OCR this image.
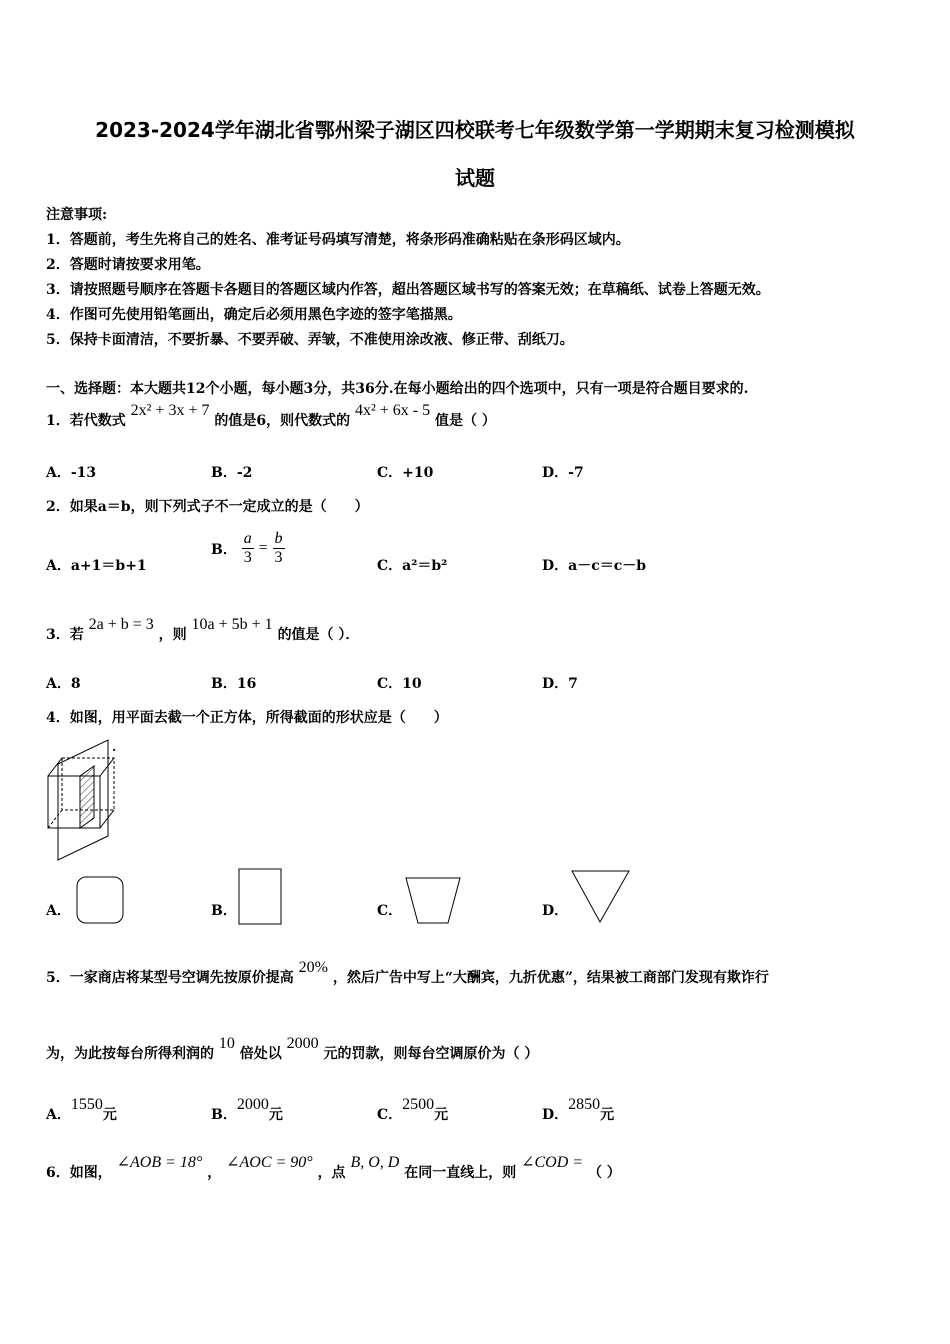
2023-2024学年湖北省鄂州梁子湖区四校联考七年级数学第一学期期末复习检测模拟
试题
注意事项:
1．答题前，考生先将自己的姓名、准考证号码填写清楚，将条形码准确粘贴在条形码区域内。
2．答题时请按要求用笔。
3．请按照题号顺序在答题卡各题目的答题区域内作答，超出答题区域书写的答案无效；在草稿纸、试卷上答题无效。
4．作图可先使用铅笔画出，确定后必须用黑色字迹的签字笔描黑。
5．保持卡面清洁，不要折暴、不要弄破、弄皱，不准使用涂改液、修正带、刮纸刀。
一、选择题：本大题共12个小题，每小题3分，共36分.在每小题给出的四个选项中，只有一项是符合题目要求的.
1．若代数式 2x² + 3x + 7 的值是6，则代数式的 4x² + 6x - 5 值是（ ）
A．-13	B．-2	C．+10	D．-7
2．如果a＝b，则下列式子不一定成立的是（　　）
A．a+1＝b+1
B． $\frac{a}{3} = \frac{b}{3}$	C．a²＝b²	D．a－c＝c－b
3．若 2a + b = 3 ，则 10a + 5b + 1 的值是（ ）．
A．8	B．16	C．10	D．7
4．如图，用平面去截一个正方体，所得截面的形状应是（　　）
.
A．	B．	C．	D．
5．一家商店将某型号空调先按原价提高 20% ，然后广告中写上“大酬宾，九折优惠”，结果被工商部门发现有欺诈行
为，为此按每台所得利润的 10 倍处以 2000 元的罚款，则每台空调原价为（ ）
A．1550元	B．2000元	C．2500元	D．2850元
6．如图， ∠AOB = 18° ， ∠AOC = 90° ，点 B, O, D 在同一直线上，则 ∠COD = （ ）
